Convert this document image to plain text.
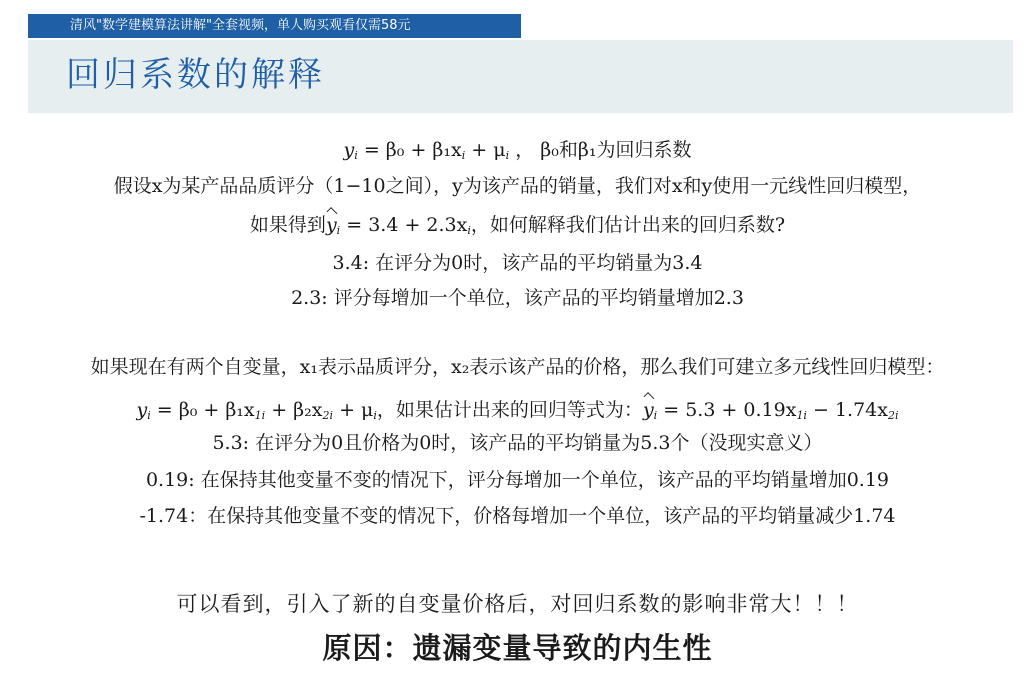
清风"数学建模算法讲解"全套视频，单人购买观看仅需58元
回归系数的解释
$y_i = \beta_0 + \beta_1x_i + \mu_i$ ， β₀和β₁为回归系数
假设x为某产品品质评分（1−10之间），y为该产品的销量，我们对x和y使用一元线性回归模型，
如果得到$y_i = 3.4 + 2.3x_i$，如何解释我们估计出来的回归系数?
3.4: 在评分为0时，该产品的平均销量为3.4
2.3: 评分每增加一个单位，该产品的平均销量增加2.3
如果现在有两个自变量，x₁表示品质评分，x₂表示该产品的价格，那么我们可建立多元线性回归模型：
$y_i = \beta_0 + \beta_1x_{1i} + \beta_2x_{2i} + \mu_i$，如果估计出来的回归等式为：$y_i = 5.3 + 0.19x_{1i} - 1.74x_{2i}$
5.3: 在评分为0且价格为0时，该产品的平均销量为5.3个（没现实意义）
0.19: 在保持其他变量不变的情况下，评分每增加一个单位，该产品的平均销量增加0.19
-1.74：在保持其他变量不变的情况下，价格每增加一个单位，该产品的平均销量减少1.74
可以看到，引入了新的自变量价格后，对回归系数的影响非常大！！！
原因：遗漏变量导致的内生性
